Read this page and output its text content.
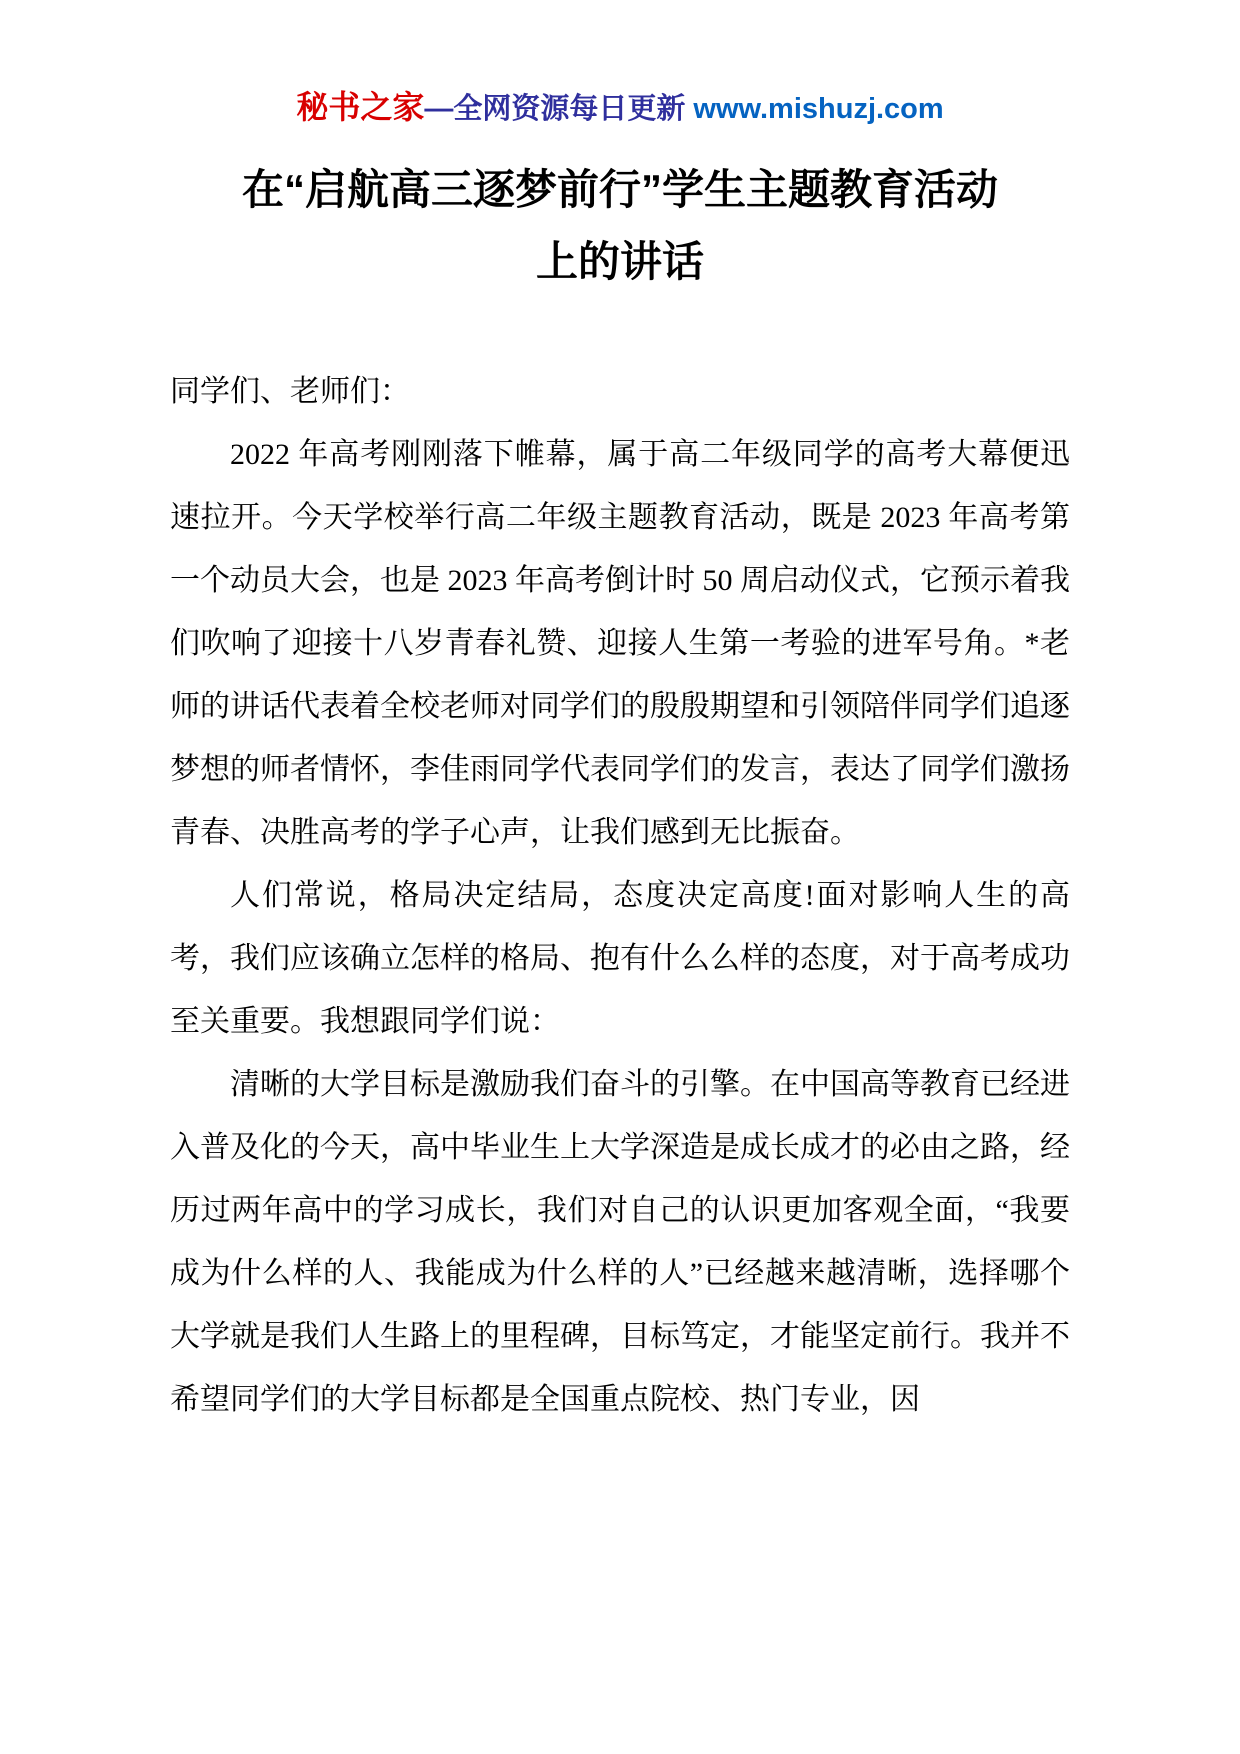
秘书之家—全网资源每日更新 www.mishuzj.com
在“启航高三逐梦前行”学生主题教育活动上的讲话

同学们、老师们：

2022 年高考刚刚落下帷幕，属于高二年级同学的高考大幕便迅速拉开。今天学校举行高二年级主题教育活动，既是 2023 年高考第一个动员大会，也是 2023 年高考倒计时 50 周启动仪式，它预示着我们吹响了迎接十八岁青春礼赞、迎接人生第一考验的进军号角。*老师的讲话代表着全校老师对同学们的殷殷期望和引领陪伴同学们追逐梦想的师者情怀，李佳雨同学代表同学们的发言，表达了同学们激扬青春、决胜高考的学子心声，让我们感到无比振奋。

人们常说，格局决定结局，态度决定高度!面对影响人生的高考，我们应该确立怎样的格局、抱有什么么样的态度，对于高考成功至关重要。我想跟同学们说：

清晰的大学目标是激励我们奋斗的引擎。在中国高等教育已经进入普及化的今天，高中毕业生上大学深造是成长成才的必由之路，经历过两年高中的学习成长，我们对自己的认识更加客观全面，“我要成为什么样的人、我能成为什么样的人”已经越来越清晰，选择哪个大学就是我们人生路上的里程碑，目标笃定，才能坚定前行。我并不希望同学们的大学目标都是全国重点院校、热门专业，因
